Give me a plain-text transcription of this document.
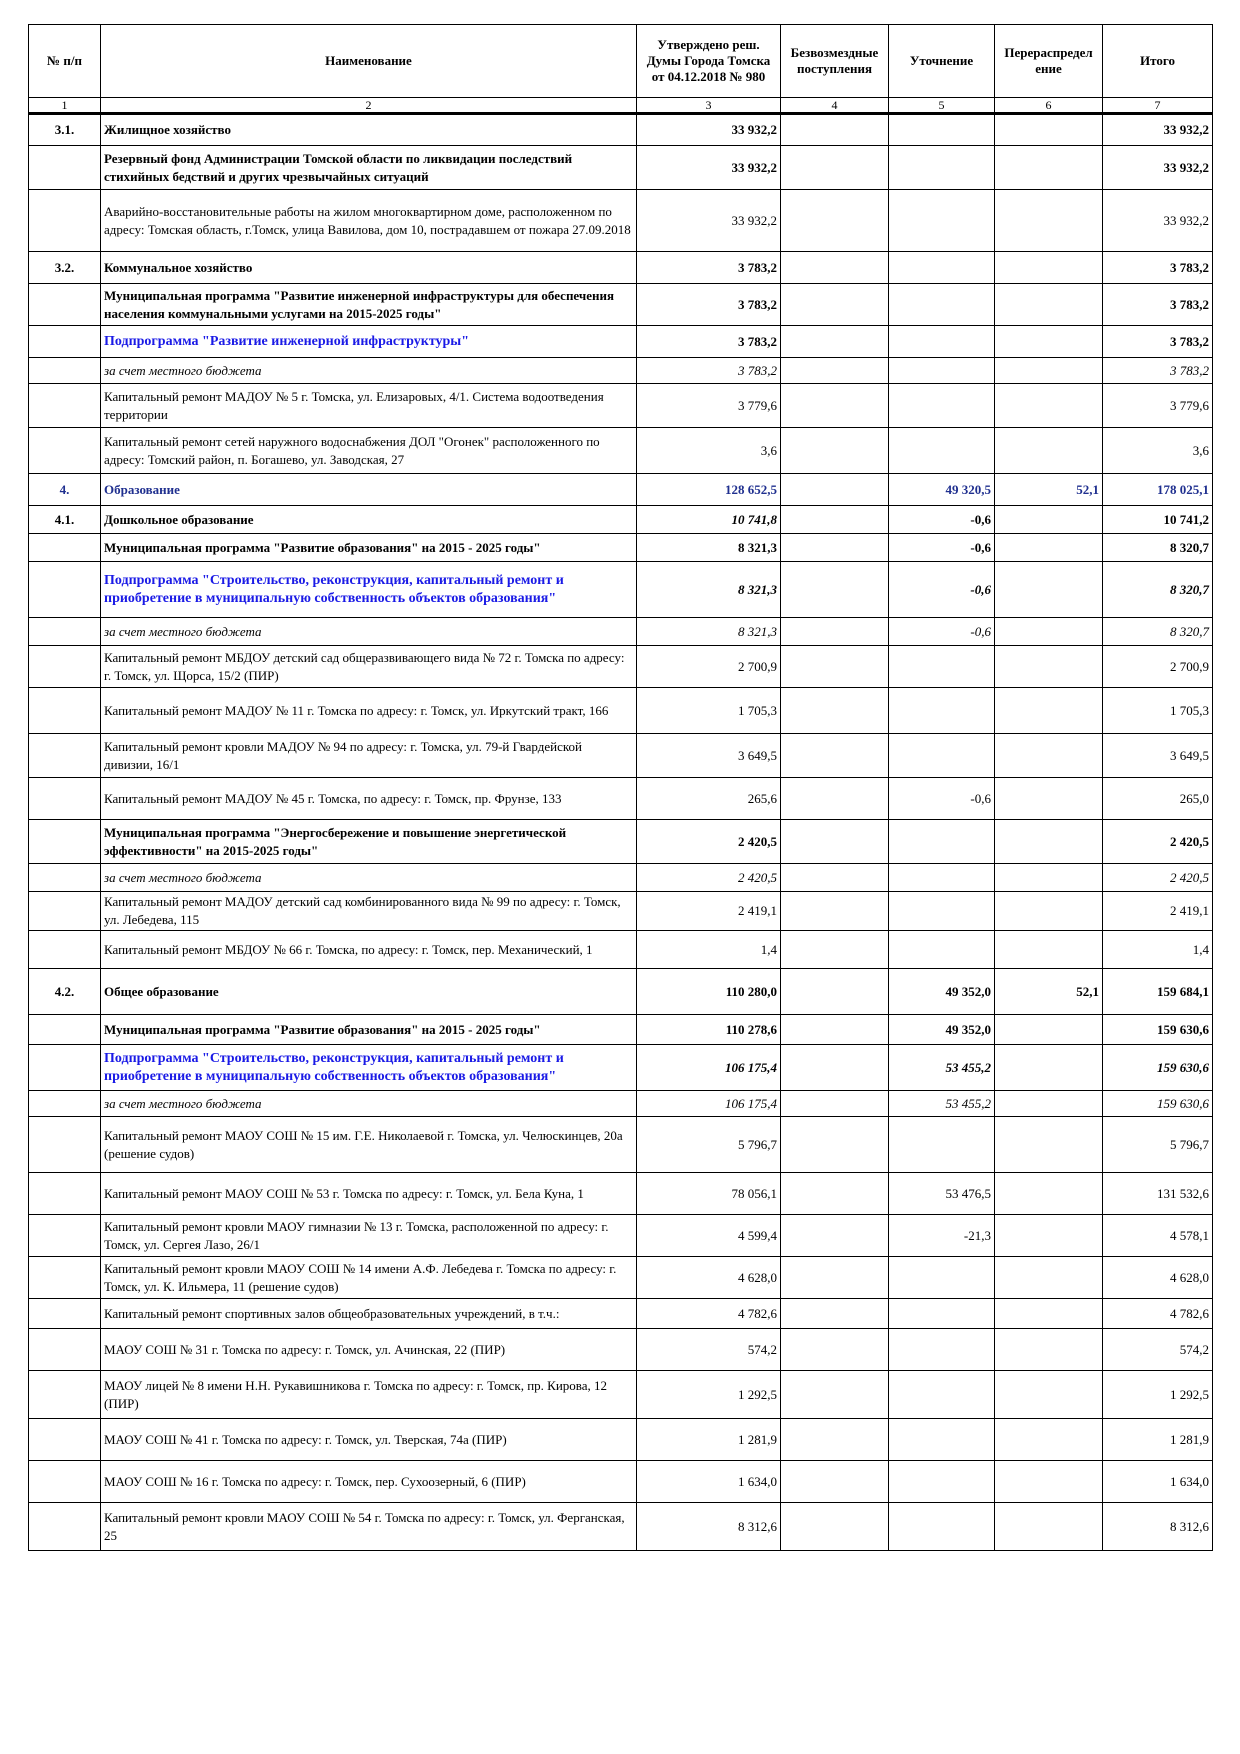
№ п/п	Наименование	Утверждено реш. Думы Города Томска от 04.12.2018 № 980	Безвозмездные поступления	Уточнение	Перераспредел ение	Итого
1	2	3	4	5	6	7
3.1.	Жилищное хозяйство	33 932,2				33 932,2
	Резервный фонд Администрации Томской области по ликвидации последствий стихийных бедствий и других чрезвычайных ситуаций	33 932,2				33 932,2
	Аварийно-восстановительные работы на жилом многоквартирном доме, расположенном по адресу: Томская область, г.Томск, улица Вавилова, дом 10, пострадавшем от пожара 27.09.2018	33 932,2				33 932,2
3.2.	Коммунальное хозяйство	3 783,2				3 783,2
	Муниципальная программа "Развитие инженерной инфраструктуры для обеспечения населения коммунальными услугами на 2015-2025 годы"	3 783,2				3 783,2
	Подпрограмма "Развитие инженерной инфраструктуры"	3 783,2				3 783,2
	за счет местного бюджета	3 783,2				3 783,2
	Капитальный ремонт МАДОУ № 5 г. Томска, ул. Елизаровых, 4/1. Система водоотведения территории	3 779,6				3 779,6
	Капитальный ремонт сетей наружного водоснабжения ДОЛ "Огонек" расположенного по адресу: Томский район, п. Богашево, ул. Заводская, 27	3,6				3,6
4.	Образование	128 652,5		49 320,5	52,1	178 025,1
4.1.	Дошкольное образование	10 741,8		-0,6		10 741,2
	Муниципальная программа "Развитие образования" на 2015 - 2025 годы"	8 321,3		-0,6		8 320,7
	Подпрограмма "Строительство, реконструкция, капитальный ремонт и приобретение в муниципальную собственность объектов образования"	8 321,3		-0,6		8 320,7
	за счет местного бюджета	8 321,3		-0,6		8 320,7
	Капитальный ремонт МБДОУ детский сад общеразвивающего вида № 72 г. Томска по адресу: г. Томск, ул. Щорса, 15/2 (ПИР)	2 700,9				2 700,9
	Капитальный ремонт МАДОУ № 11 г. Томска по адресу: г. Томск, ул. Иркутский тракт, 166	1 705,3				1 705,3
	Капитальный ремонт кровли МАДОУ № 94 по адресу: г. Томска, ул. 79-й Гвардейской дивизии, 16/1	3 649,5				3 649,5
	Капитальный ремонт МАДОУ № 45 г. Томска, по адресу: г. Томск, пр. Фрунзе, 133	265,6		-0,6		265,0
	Муниципальная программа "Энергосбережение и повышение энергетической эффективности" на 2015-2025 годы"	2 420,5				2 420,5
	за счет местного бюджета	2 420,5				2 420,5
	Капитальный ремонт МАДОУ детский сад комбинированного вида № 99 по адресу: г. Томск, ул. Лебедева, 115	2 419,1				2 419,1
	Капитальный ремонт МБДОУ № 66 г. Томска, по адресу: г. Томск, пер. Механический, 1	1,4				1,4
4.2.	Общее образование	110 280,0		49 352,0	52,1	159 684,1
	Муниципальная программа "Развитие образования" на 2015 - 2025 годы"	110 278,6		49 352,0		159 630,6
	Подпрограмма "Строительство, реконструкция, капитальный ремонт и приобретение в муниципальную собственность объектов образования"	106 175,4		53 455,2		159 630,6
	за счет местного бюджета	106 175,4		53 455,2		159 630,6
	Капитальный ремонт МАОУ СОШ № 15 им. Г.Е. Николаевой г. Томска, ул. Челюскинцев, 20а (решение судов)	5 796,7				5 796,7
	Капитальный ремонт МАОУ СОШ № 53 г. Томска по адресу: г. Томск, ул. Бела Куна, 1	78 056,1		53 476,5		131 532,6
	Капитальный ремонт кровли МАОУ гимназии № 13 г. Томска, расположенной по адресу: г. Томск, ул. Сергея Лазо, 26/1	4 599,4		-21,3		4 578,1
	Капитальный ремонт кровли МАОУ СОШ № 14 имени А.Ф. Лебедева г. Томска по адресу: г. Томск, ул. К. Ильмера, 11 (решение судов)	4 628,0				4 628,0
	Капитальный ремонт спортивных залов общеобразовательных учреждений, в т.ч.:	4 782,6				4 782,6
	МАОУ СОШ № 31 г. Томска по адресу: г. Томск, ул. Ачинская, 22 (ПИР)	574,2				574,2
	МАОУ лицей № 8 имени Н.Н. Рукавишникова г. Томска по адресу: г. Томск, пр. Кирова, 12 (ПИР)	1 292,5				1 292,5
	МАОУ СОШ № 41 г. Томска по адресу: г. Томск, ул. Тверская, 74а (ПИР)	1 281,9				1 281,9
	МАОУ СОШ № 16 г. Томска по адресу: г. Томск, пер. Сухоозерный, 6 (ПИР)	1 634,0				1 634,0
	Капитальный ремонт кровли МАОУ СОШ № 54 г. Томска по адресу: г. Томск, ул. Ферганская, 25	8 312,6				8 312,6
